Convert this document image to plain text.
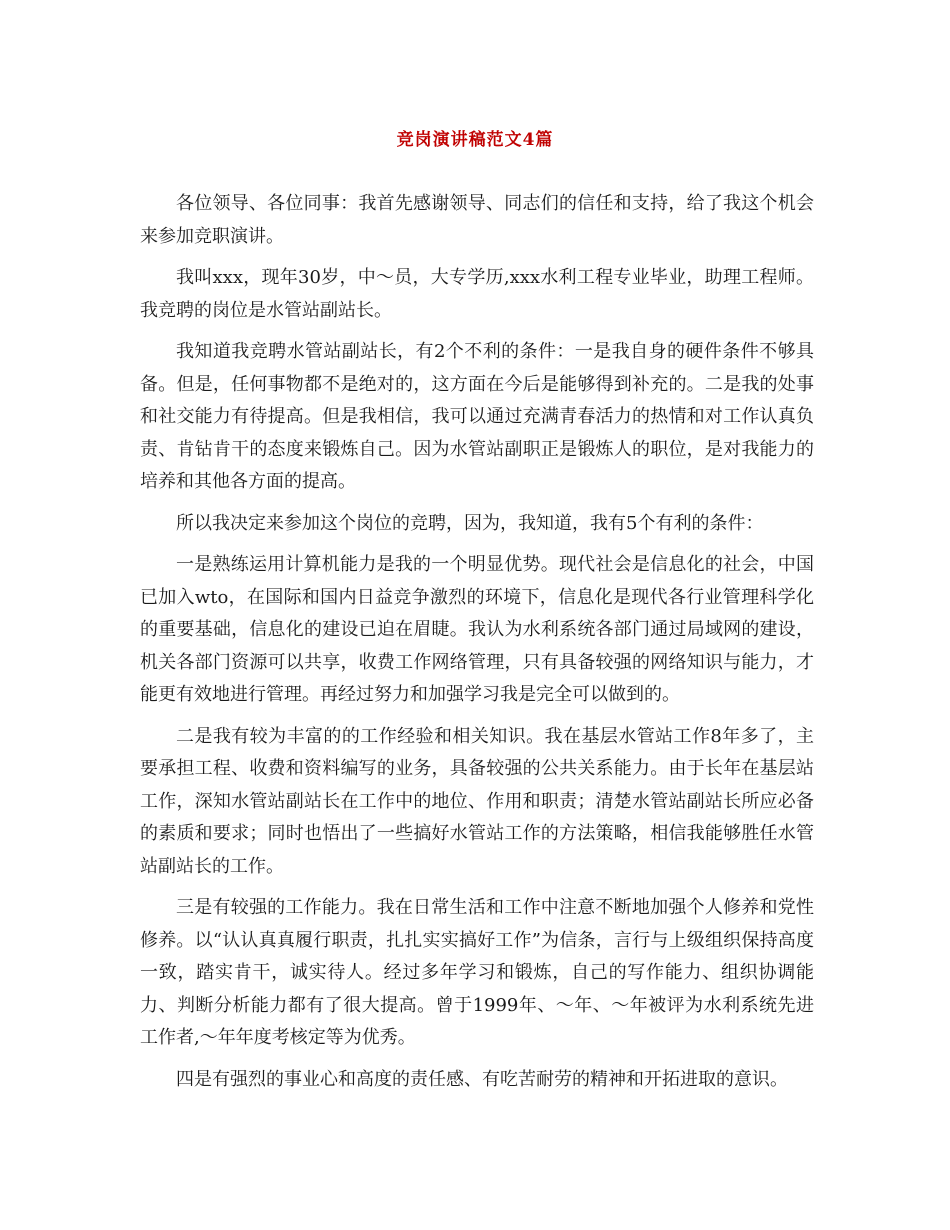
竞岗演讲稿范文4篇

各位领导、各位同事：我首先感谢领导、同志们的信任和支持，给了我这个机会来参加竞职演讲。

我叫xxx，现年30岁，中～员，大专学历,xxx水利工程专业毕业，助理工程师。我竞聘的岗位是水管站副站长。

我知道我竞聘水管站副站长，有2个不利的条件：一是我自身的硬件条件不够具备。但是，任何事物都不是绝对的，这方面在今后是能够得到补充的。二是我的处事和社交能力有待提高。但是我相信，我可以通过充满青春活力的热情和对工作认真负责、肯钻肯干的态度来锻炼自己。因为水管站副职正是锻炼人的职位，是对我能力的培养和其他各方面的提高。

所以我决定来参加这个岗位的竞聘，因为，我知道，我有5个有利的条件：

一是熟练运用计算机能力是我的一个明显优势。现代社会是信息化的社会，中国已加入wto，在国际和国内日益竞争激烈的环境下，信息化是现代各行业管理科学化的重要基础，信息化的建设已迫在眉睫。我认为水利系统各部门通过局域网的建设，机关各部门资源可以共享，收费工作网络管理，只有具备较强的网络知识与能力，才能更有效地进行管理。再经过努力和加强学习我是完全可以做到的。

二是我有较为丰富的的工作经验和相关知识。我在基层水管站工作8年多了，主要承担工程、收费和资料编写的业务，具备较强的公共关系能力。由于长年在基层站工作，深知水管站副站长在工作中的地位、作用和职责；清楚水管站副站长所应必备的素质和要求；同时也悟出了一些搞好水管站工作的方法策略，相信我能够胜任水管站副站长的工作。

三是有较强的工作能力。我在日常生活和工作中注意不断地加强个人修养和党性修养。以“认认真真履行职责，扎扎实实搞好工作”为信条，言行与上级组织保持高度一致，踏实肯干，诚实待人。经过多年学习和锻炼，自己的写作能力、组织协调能力、判断分析能力都有了很大提高。曾于1999年、～年、～年被评为水利系统先进工作者,～年年度考核定等为优秀。

四是有强烈的事业心和高度的责任感、有吃苦耐劳的精神和开拓进取的意识。
